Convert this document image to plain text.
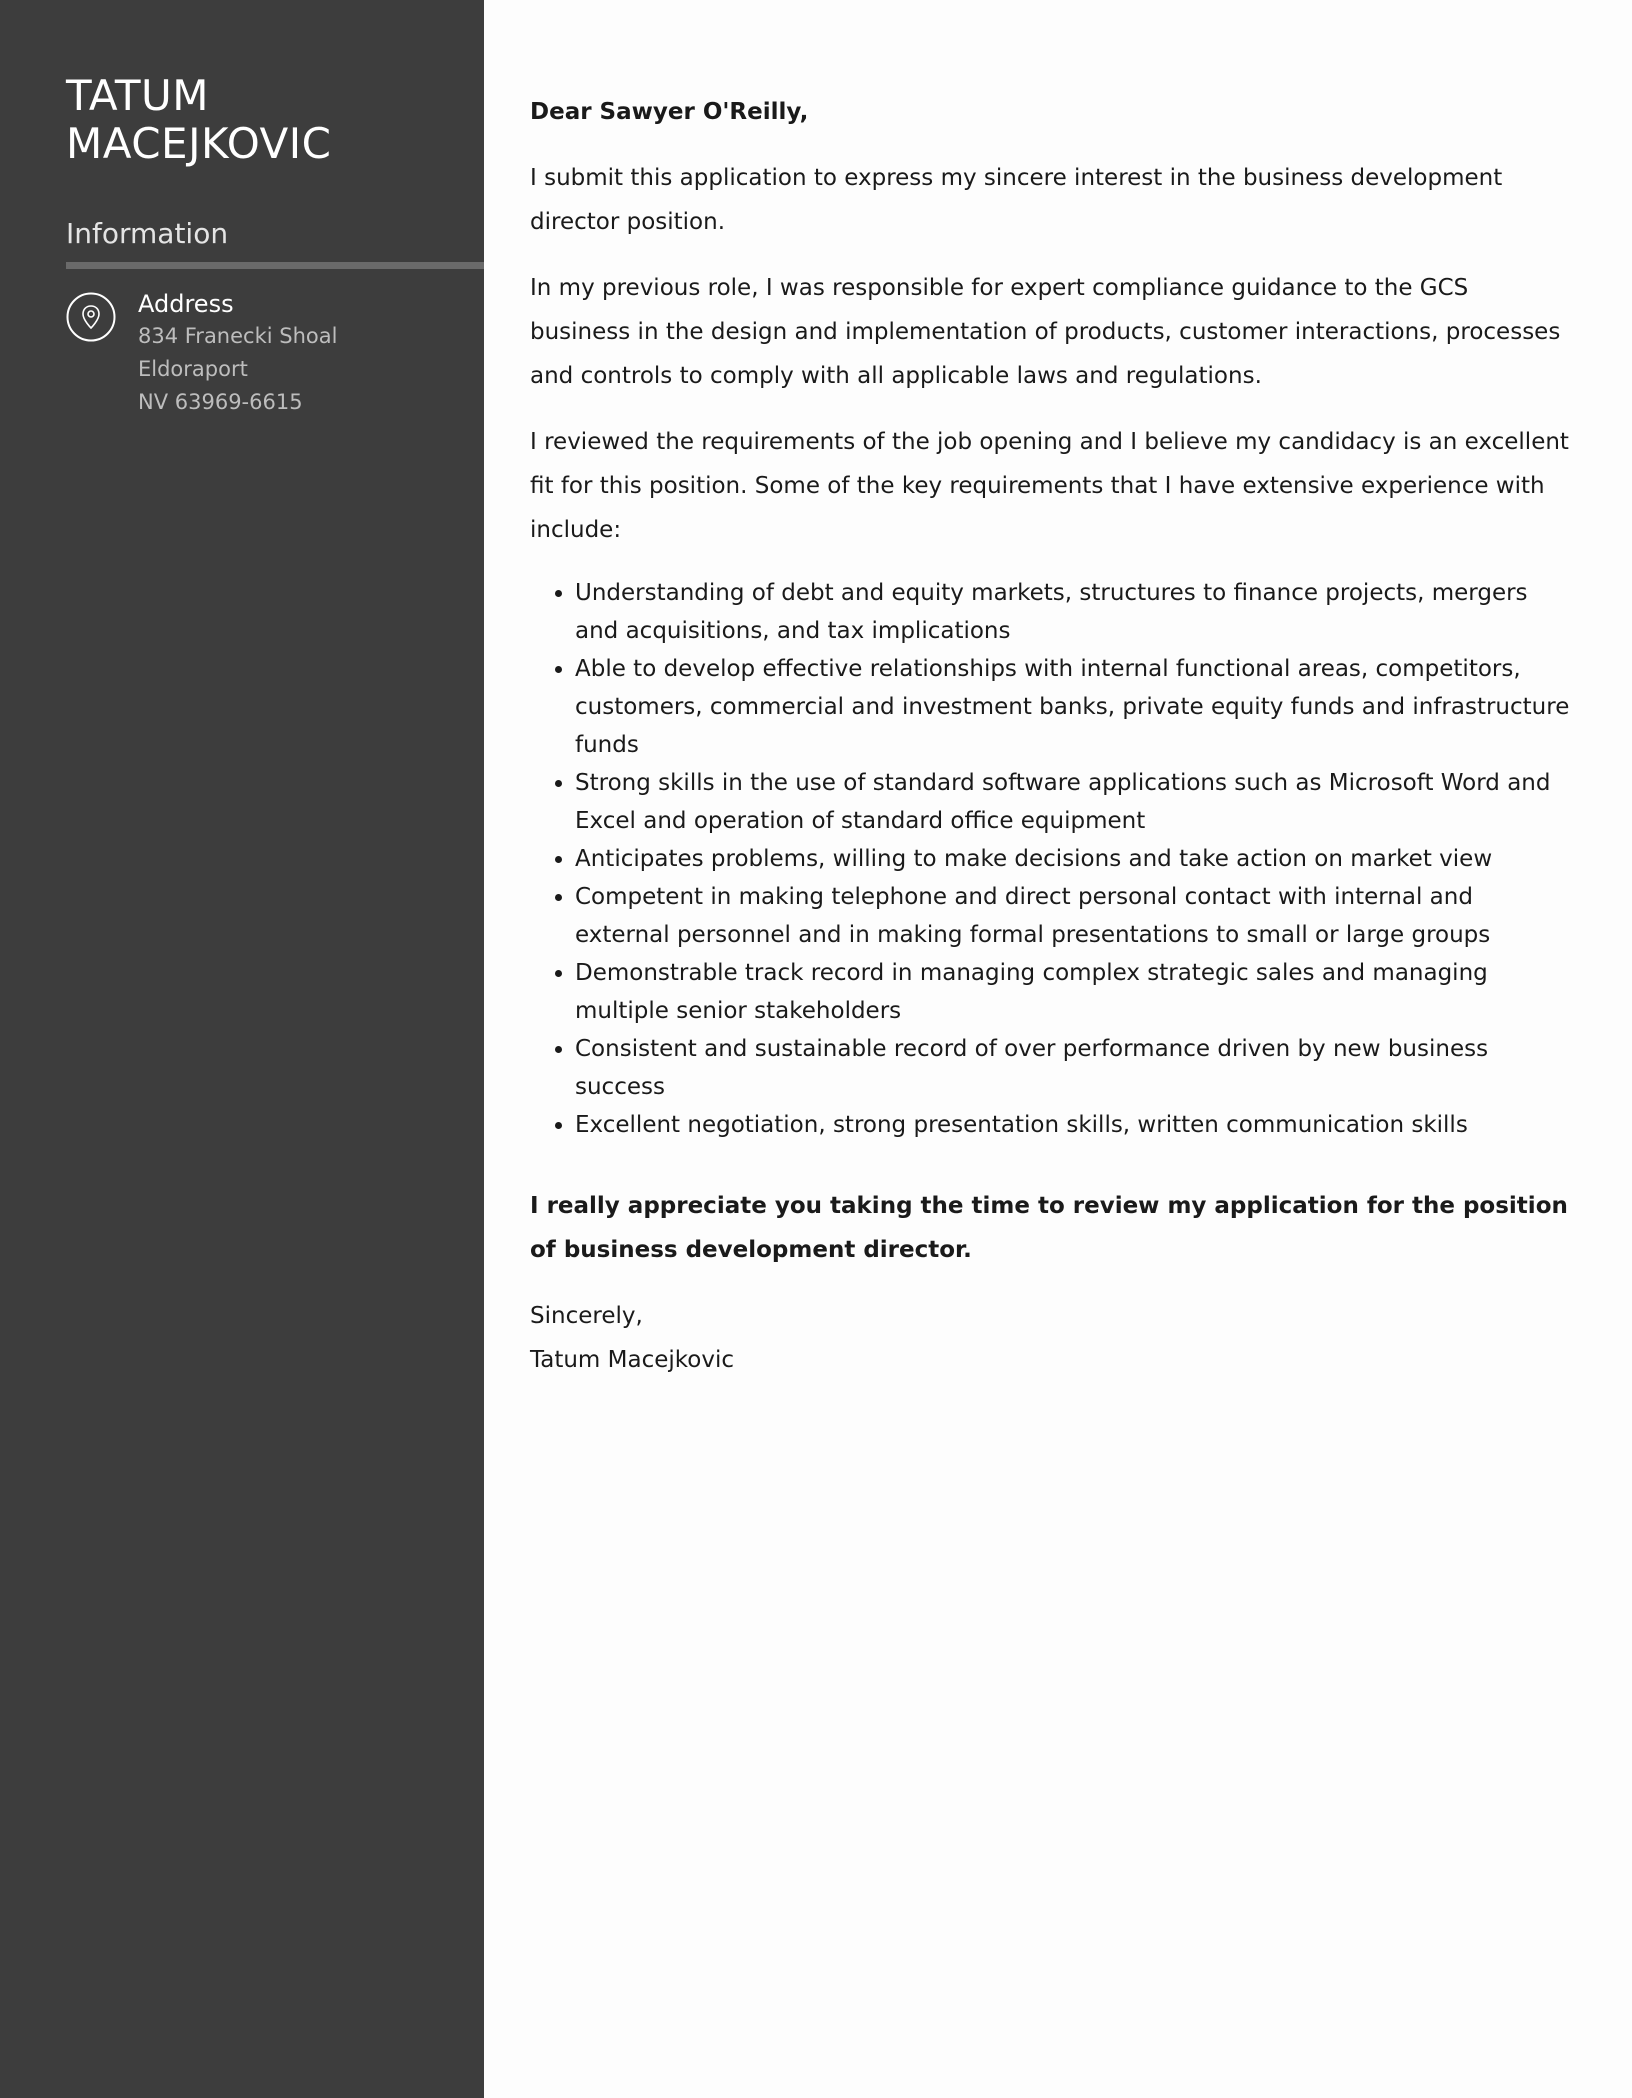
TATUM
MACEJKOVIC
Information
Address
834 Franecki Shoal
Eldoraport
NV 63969-6615

Dear Sawyer O'Reilly,

I submit this application to express my sincere interest in the business development director position.

In my previous role, I was responsible for expert compliance guidance to the GCS business in the design and implementation of products, customer interactions, processes and controls to comply with all applicable laws and regulations.

I reviewed the requirements of the job opening and I believe my candidacy is an excellent fit for this position. Some of the key requirements that I have extensive experience with include:

• Understanding of debt and equity markets, structures to finance projects, mergers and acquisitions, and tax implications
• Able to develop effective relationships with internal functional areas, competitors, customers, commercial and investment banks, private equity funds and infrastructure funds
• Strong skills in the use of standard software applications such as Microsoft Word and Excel and operation of standard office equipment
• Anticipates problems, willing to make decisions and take action on market view
• Competent in making telephone and direct personal contact with internal and external personnel and in making formal presentations to small or large groups
• Demonstrable track record in managing complex strategic sales and managing multiple senior stakeholders
• Consistent and sustainable record of over performance driven by new business success
• Excellent negotiation, strong presentation skills, written communication skills

I really appreciate you taking the time to review my application for the position of business development director.

Sincerely,
Tatum Macejkovic
